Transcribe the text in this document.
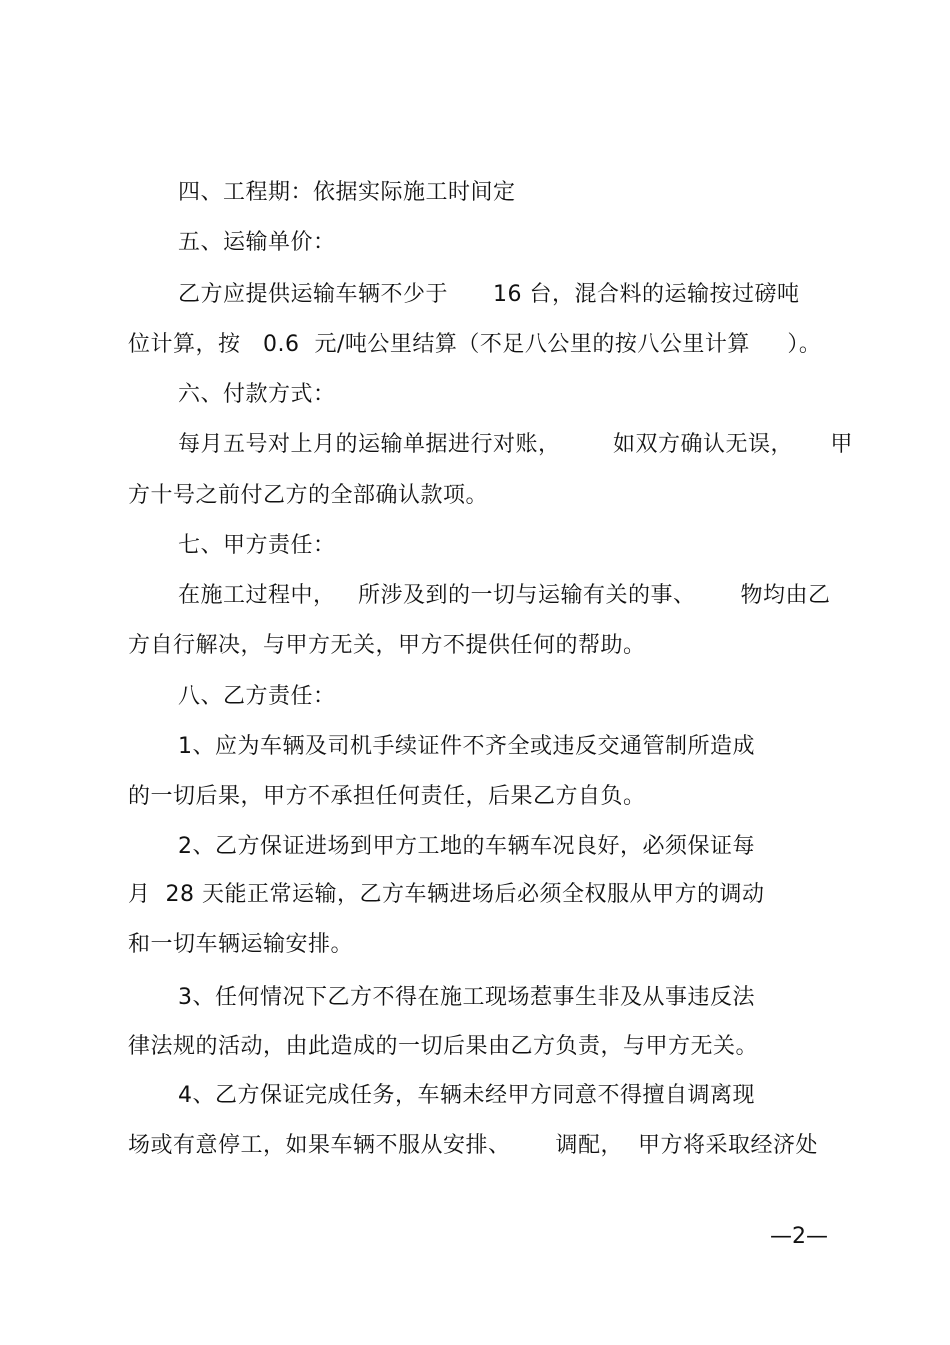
四、工程期：依据实际施工时间定
五、运输单价：
乙方应提供运输车辆不少于      16 台，混合料的运输按过磅吨
位计算，按   0.6  元/吨公里结算（不足八公里的按八公里计算     ）。
六、付款方式：
每月五号对上月的运输单据进行对账，       如双方确认无误，     甲
方十号之前付乙方的全部确认款项。
七、甲方责任：
在施工过程中，   所涉及到的一切与运输有关的事、      物均由乙
方自行解决，与甲方无关，甲方不提供任何的帮助。
八、乙方责任：
1、应为车辆及司机手续证件不齐全或违反交通管制所造成
的一切后果，甲方不承担任何责任，后果乙方自负。
2、乙方保证进场到甲方工地的车辆车况良好，必须保证每
月  28 天能正常运输，乙方车辆进场后必须全权服从甲方的调动
和一切车辆运输安排。
3、任何情况下乙方不得在施工现场惹事生非及从事违反法
律法规的活动，由此造成的一切后果由乙方负责，与甲方无关。
4、乙方保证完成任务，车辆未经甲方同意不得擅自调离现
场或有意停工，如果车辆不服从安排、      调配，  甲方将采取经济处
—2—
